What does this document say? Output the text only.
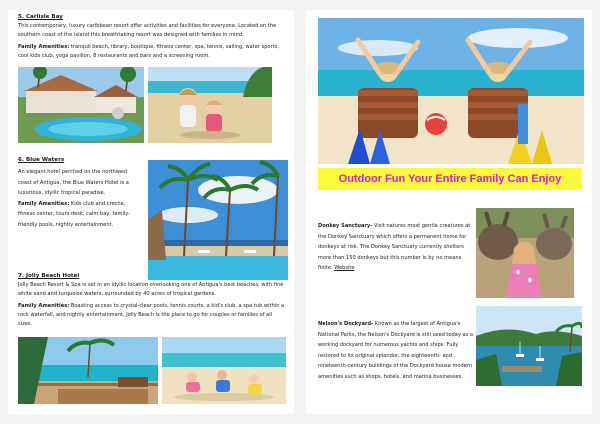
5. Carlisle Bay
This contemporary, luxury caribbean resort offer activities and facilities for everyone. Located on the southern coast of the island this breathtaking resort was designed with families in mind.
Family Amenities: tranquil beach, library, boutique, fitness center, spa, tennis, sailing, water sports, cool kids club, yoga pavilion, 8 restaurants and bars and a screening room.
6. Blue Waters
An elegant hotel perched on the northwest
coast of Antigua, the Blue Waters Hotel is a
luxurious, idyllic tropical paradise.
Family Amenities: Kids club and creche,
fitness center, tours desk, calm bay, family-
friendly pools, nightly entertainment.
7. Jolly Beach Hotel
Jolly Beach Resort & Spa is set in an idyllic location overlooking one of Antigua's best beaches, with fine white sand and turquoise waters, surrounded by 40 acres of tropical gardens.
Family Amenities: Boasting access to crystal-clear pools, tennis courts, a kid's club, a spa tub within a rock waterfall, and nightly entertainment, Jolly Beach is the place to go for couples or families of all sizes.
Outdoor Fun Your Entire Family Can Enjoy
Donkey Sanctuary- Visit natures most gentle creatures at
the Donkey Sanctuary which offers a permanent home for
donkeys at risk. The Donkey Sanctuary currently shelters
more than 150 donkeys but this number is by no means
finite. Website
Nelson's Dockyard- Known as the largest of Antigua's
National Parks, the Nelson's Dockyard is still used today as a
working dockyard for numerous yachts and ships. Fully
restored to its original splendor, the eighteenth- and
nineteenth-century buildings of the Dockyard house modern
amenities such as shops, hotels, and marina businesses.
